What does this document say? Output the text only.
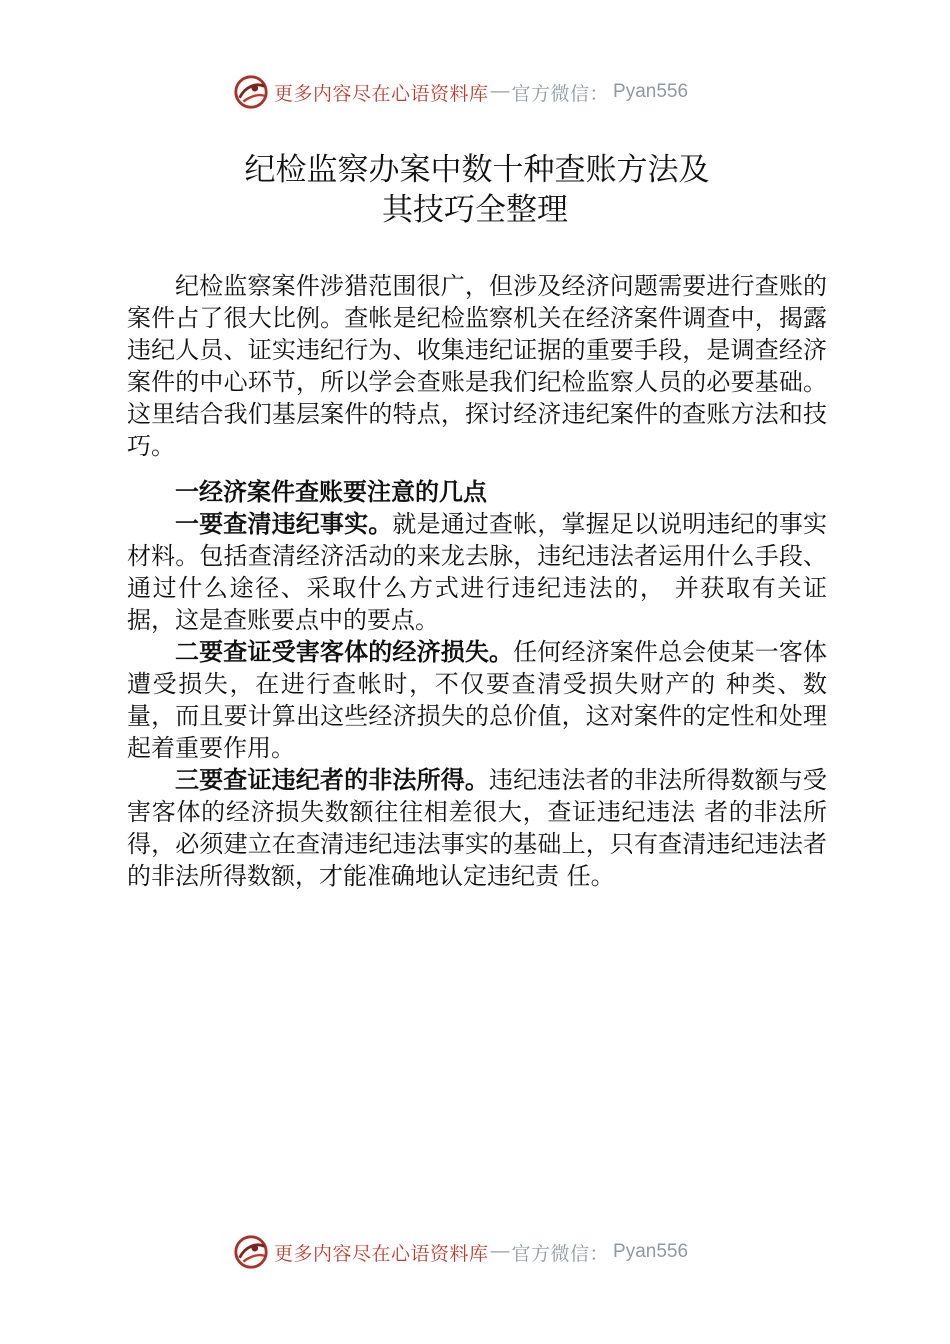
更多内容尽在心语资料库 — 官方微信： Pyan556
纪检监察办案中数十种查账方法及
其技巧全整理

纪检监察案件涉猎范围很广，但涉及经济问题需要进行查账的案件占了很大比例。查帐是纪检监察机关在经济案件调查中，揭露违纪人员、证实违纪行为、收集违纪证据的重要手段，是调查经济案件的中心环节，所以学会查账是我们纪检监察人员的必要基础。这里结合我们基层案件的特点，探讨经济违纪案件的查账方法和技巧。

一经济案件查账要注意的几点

一要查清违纪事实。就是通过查帐，掌握足以说明违纪的事实材料。包括查清经济活动的来龙去脉，违纪违法者运用什么手段、通过什么途径、采取什么方式进行违纪违法的， 并获取有关证据，这是查账要点中的要点。

二要查证受害客体的经济损失。任何经济案件总会使某一客体遭受损失，在进行查帐时，不仅要查清受损失财产的 种类、数量，而且要计算出这些经济损失的总价值，这对案件的定性和处理起着重要作用。

三要查证违纪者的非法所得。违纪违法者的非法所得数额与受害客体的经济损失数额往往相差很大，查证违纪违法 者的非法所得，必须建立在查清违纪违法事实的基础上，只有查清违纪违法者的非法所得数额，才能准确地认定违纪责 任。

更多内容尽在心语资料库 — 官方微信： Pyan556
